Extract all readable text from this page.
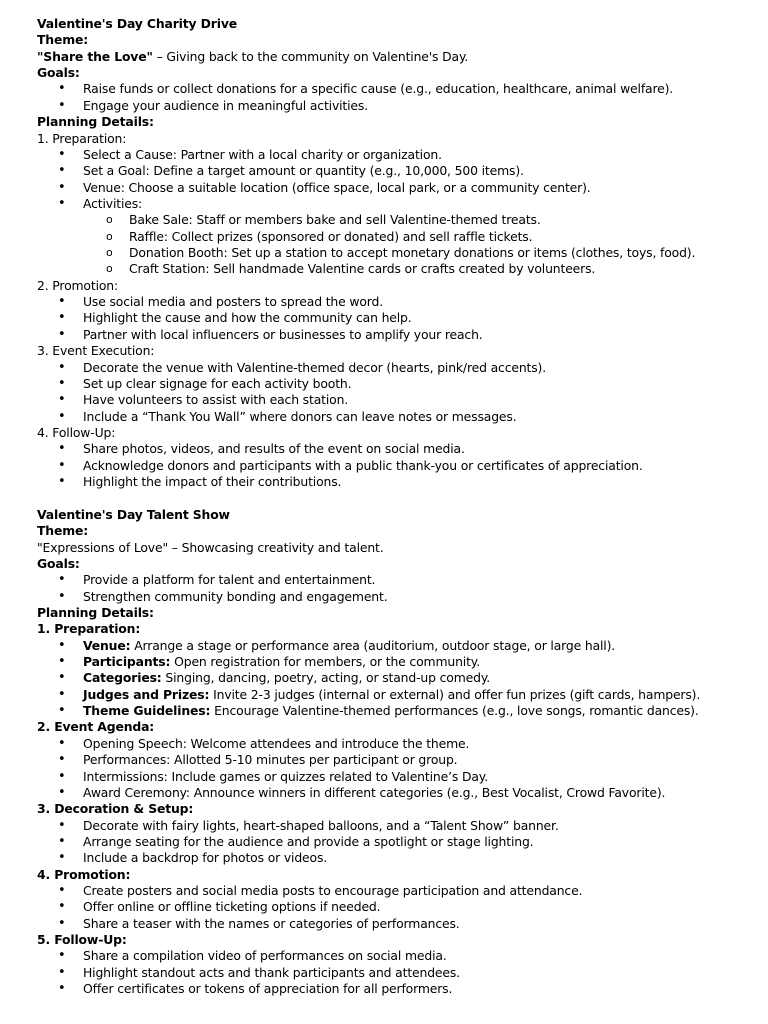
Valentine's Day Charity Drive
Theme:
"Share the Love" – Giving back to the community on Valentine's Day.
Goals:
• Raise funds or collect donations for a specific cause (e.g., education, healthcare, animal welfare).
• Engage your audience in meaningful activities.
Planning Details:
1. Preparation:
• Select a Cause: Partner with a local charity or organization.
• Set a Goal: Define a target amount or quantity (e.g., 10,000, 500 items).
• Venue: Choose a suitable location (office space, local park, or a community center).
• Activities:
o Bake Sale: Staff or members bake and sell Valentine-themed treats.
o Raffle: Collect prizes (sponsored or donated) and sell raffle tickets.
o Donation Booth: Set up a station to accept monetary donations or items (clothes, toys, food).
o Craft Station: Sell handmade Valentine cards or crafts created by volunteers.
2. Promotion:
• Use social media and posters to spread the word.
• Highlight the cause and how the community can help.
• Partner with local influencers or businesses to amplify your reach.
3. Event Execution:
• Decorate the venue with Valentine-themed decor (hearts, pink/red accents).
• Set up clear signage for each activity booth.
• Have volunteers to assist with each station.
• Include a “Thank You Wall” where donors can leave notes or messages.
4. Follow-Up:
• Share photos, videos, and results of the event on social media.
• Acknowledge donors and participants with a public thank-you or certificates of appreciation.
• Highlight the impact of their contributions.
Valentine's Day Talent Show
Theme:
"Expressions of Love" – Showcasing creativity and talent.
Goals:
• Provide a platform for talent and entertainment.
• Strengthen community bonding and engagement.
Planning Details:
1. Preparation:
• Venue: Arrange a stage or performance area (auditorium, outdoor stage, or large hall).
• Participants: Open registration for members, or the community.
• Categories: Singing, dancing, poetry, acting, or stand-up comedy.
• Judges and Prizes: Invite 2-3 judges (internal or external) and offer fun prizes (gift cards, hampers).
• Theme Guidelines: Encourage Valentine-themed performances (e.g., love songs, romantic dances).
2. Event Agenda:
• Opening Speech: Welcome attendees and introduce the theme.
• Performances: Allotted 5-10 minutes per participant or group.
• Intermissions: Include games or quizzes related to Valentine’s Day.
• Award Ceremony: Announce winners in different categories (e.g., Best Vocalist, Crowd Favorite).
3. Decoration & Setup:
• Decorate with fairy lights, heart-shaped balloons, and a “Talent Show” banner.
• Arrange seating for the audience and provide a spotlight or stage lighting.
• Include a backdrop for photos or videos.
4. Promotion:
• Create posters and social media posts to encourage participation and attendance.
• Offer online or offline ticketing options if needed.
• Share a teaser with the names or categories of performances.
5. Follow-Up:
• Share a compilation video of performances on social media.
• Highlight standout acts and thank participants and attendees.
• Offer certificates or tokens of appreciation for all performers.
